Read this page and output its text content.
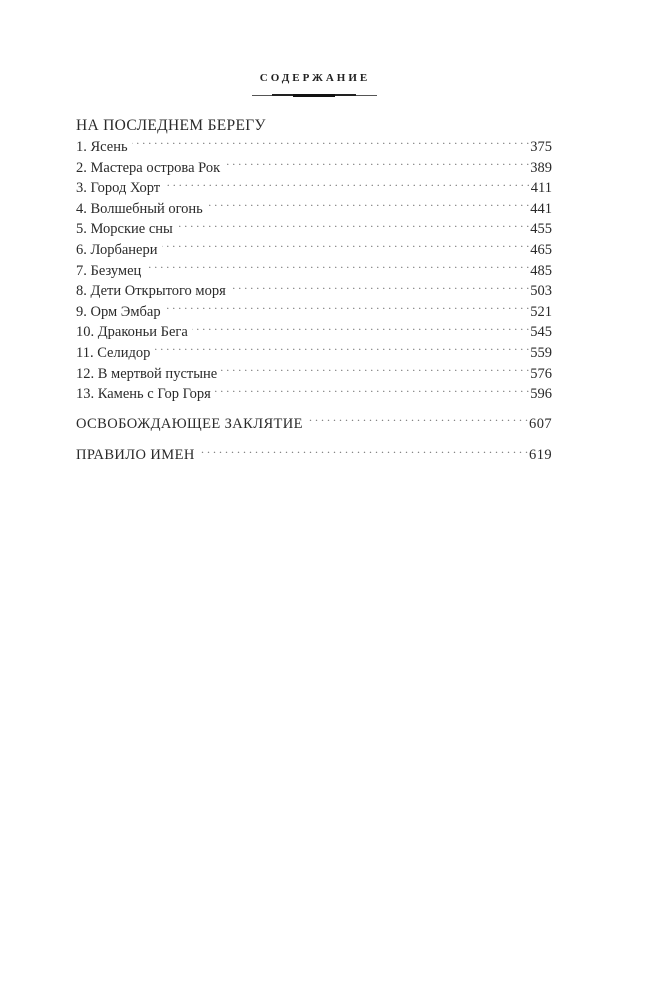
СОДЕРЖАНИЕ
НА ПОСЛЕДНЕМ БЕРЕГУ
1. Ясень . . .	375
2. Мастера острова Рок . . .	389
3. Город Хорт . . .	411
4. Волшебный огонь . . .	441
5. Морские сны . . .	455
6. Лорбанери . . .	465
7. Безумец . . .	485
8. Дети Открытого моря . . .	503
9. Орм Эмбар . . .	521
10. Драконьи Бега . . .	545
11. Селидор . . .	559
12. В мертвой пустыне . . .	576
13. Камень с Гор Горя . . .	596
ОСВОБОЖДАЮЩЕЕ ЗАКЛЯТИЕ . . .	607
ПРАВИЛО ИМЕН . . .	619
